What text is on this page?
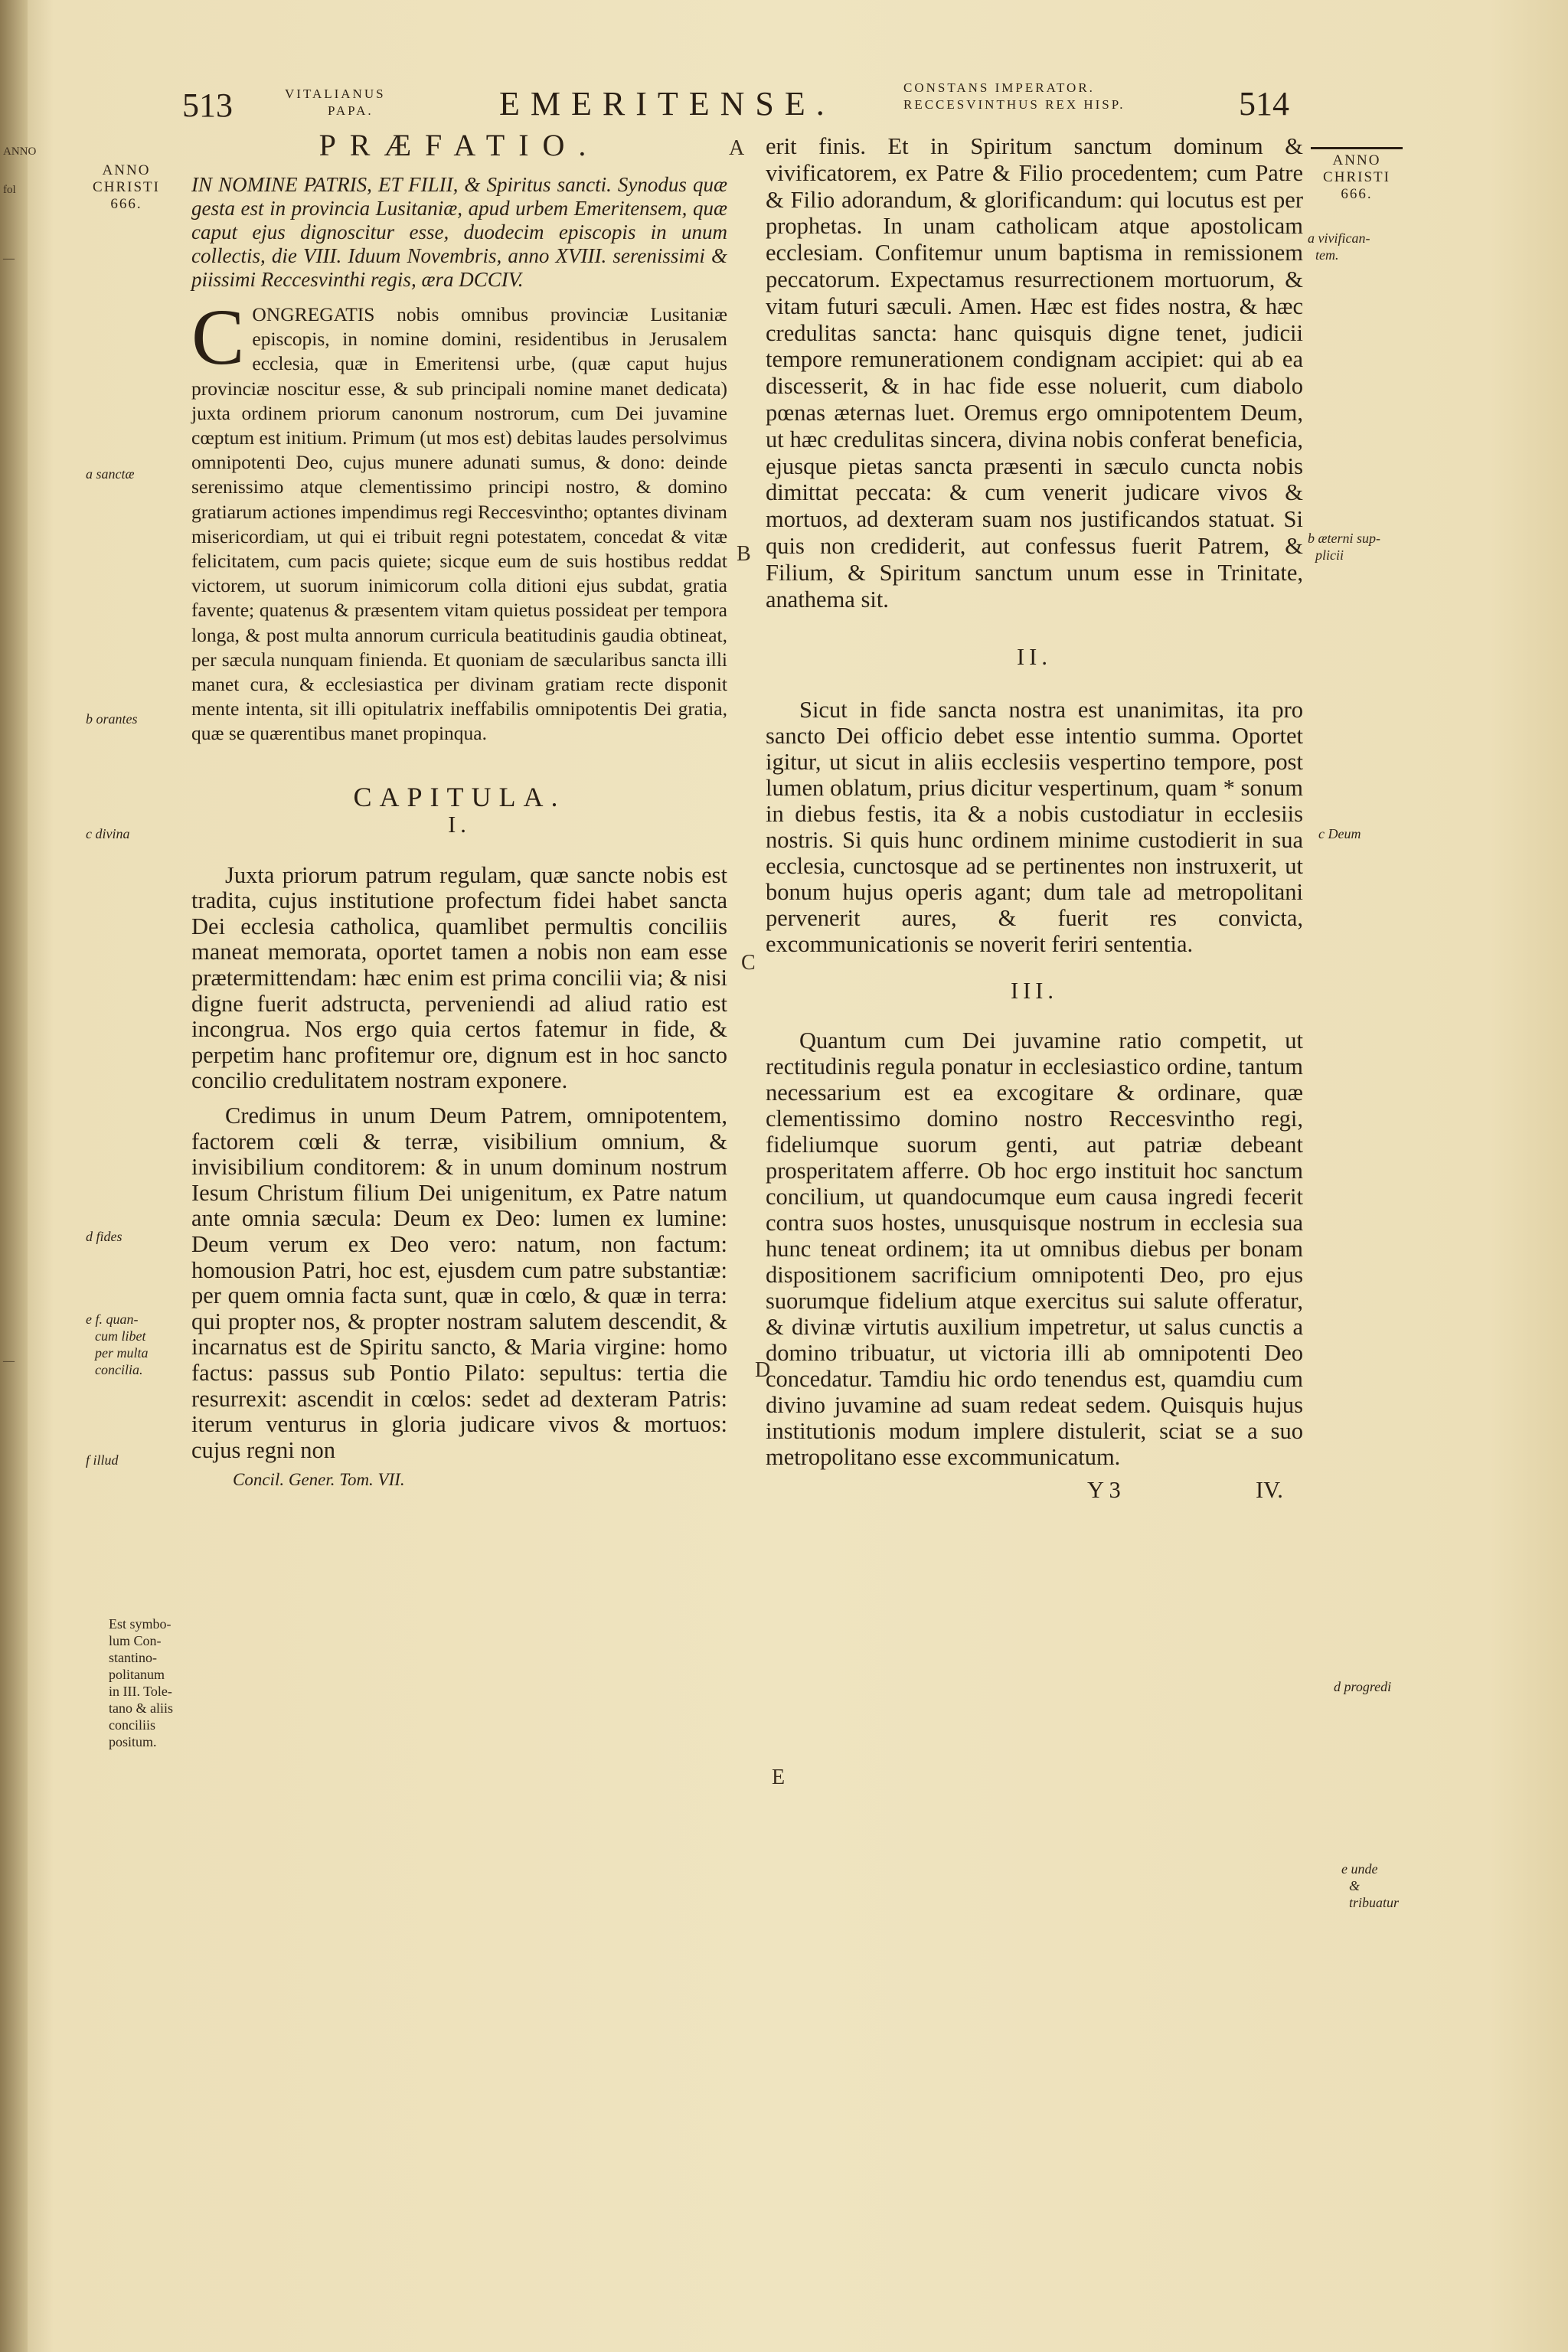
ANNO
fol
—
—
513	VITALIANUS
PAPA.	EMERITENSE.	CONSTANS IMPERATOR.
RECCESVINTHUS REX HISP.	514
ANNO
CHRISTI
666.
a sanctæ
b orantes
c divina
d fides
e f. quan-
cum libet
per multa
concilia.
f illud
Est symbo-
lum Con-
stantino-
politanum
in III. Tole-
tano & aliis
conciliis
positum.
A
B
C
D
E
PRÆFATIO.

IN NOMINE PATRIS, ET FILII, & Spiritus sancti. Synodus quæ gesta est in provincia Lusitaniæ, apud urbem Emeritensem, quæ caput ejus dignoscitur esse, duodecim episcopis in unum collectis, die VIII. Iduum Novembris, anno XVIII. serenissimi & piissimi Reccesvinthi regis, æra DCCIV.

CONGREGATIS nobis omnibus provinciæ Lusitaniæ episcopis, in nomine domini, residentibus in Jerusalem ecclesia, quæ in Emeritensi urbe, (quæ caput hujus provinciæ noscitur esse, & sub principali nomine manet dedicata) juxta ordinem priorum canonum nostrorum, cum Dei juvamine cœptum est initium. Primum (ut mos est) debitas laudes persolvimus omnipotenti Deo, cujus munere adunati sumus, & dono: deinde serenissimo atque clementissimo principi nostro, & domino gratiarum actiones impendimus regi Reccesvintho; optantes divinam misericordiam, ut qui ei tribuit regni potestatem, concedat & vitæ felicitatem, cum pacis quiete; sicque eum de suis hostibus reddat victorem, ut suorum inimicorum colla ditioni ejus subdat, gratia favente; quatenus & præsentem vitam quietus possideat per tempora longa, & post multa annorum curricula beatitudinis gaudia obtineat, per sæcula nunquam finienda. Et quoniam de sæcularibus sancta illi manet cura, & ecclesiastica per divinam gratiam recte disponit mente intenta, sit illi opitulatrix ineffabilis omnipotentis Dei gratia, quæ se quærentibus manet propinqua.

CAPITULA.
I.

Juxta priorum patrum regulam, quæ sancte nobis est tradita, cujus institutione profectum fidei habet sancta Dei ecclesia catholica, quamlibet permultis conciliis maneat memorata, oportet tamen a nobis non eam esse prætermittendam: hæc enim est prima concilii via; & nisi digne fuerit adstructa, perveniendi ad aliud ratio est incongrua. Nos ergo quia certos fatemur in fide, & perpetim hanc profitemur ore, dignum est in hoc sancto concilio credulitatem nostram exponere.

Credimus in unum Deum Patrem, omnipotentem, factorem cœli & terræ, visibilium omnium, & invisibilium conditorem: & in unum dominum nostrum Iesum Christum filium Dei unigenitum, ex Patre natum ante omnia sæcula: Deum ex Deo: lumen ex lumine: Deum verum ex Deo vero: natum, non factum: homousion Patri, hoc est, ejusdem cum patre substantiæ: per quem omnia facta sunt, quæ in cœlo, & quæ in terra: qui propter nos, & propter nostram salutem descendit, & incarnatus est de Spiritu sancto, & Maria virgine: homo factus: passus sub Pontio Pilato: sepultus: tertia die resurrexit: ascendit in cœlos: sedet ad dexteram Patris: iterum venturus in gloria judicare vivos & mortuos: cujus regni non

Concil. Gener. Tom. VII.

erit finis. Et in Spiritum sanctum dominum & vivificatorem, ex Patre & Filio procedentem; cum Patre & Filio adorandum, & glorificandum: qui locutus est per prophetas. In unam catholicam atque apostolicam ecclesiam. Confitemur unum baptisma in remissionem peccatorum. Expectamus resurrectionem mortuorum, & vitam futuri sæculi. Amen. Hæc est fides nostra, & hæc credulitas sancta: hanc quisquis digne tenet, judicii tempore remunerationem condignam accipiet: qui ab ea discesserit, & in hac fide esse noluerit, cum diabolo pœnas æternas luet. Oremus ergo omnipotentem Deum, ut hæc credulitas sincera, divina nobis conferat beneficia, ejusque pietas sancta præsenti in sæculo cuncta nobis dimittat peccata: & cum venerit judicare vivos & mortuos, ad dexteram suam nos justificandos statuat. Si quis non crediderit, aut confessus fuerit Patrem, & Filium, & Spiritum sanctum unum esse in Trinitate, anathema sit.

II.

Sicut in fide sancta nostra est unanimitas, ita pro sancto Dei officio debet esse intentio summa. Oportet igitur, ut sicut in aliis ecclesiis vespertino tempore, post lumen oblatum, prius dicitur vespertinum, quam * sonum in diebus festis, ita & a nobis custodiatur in ecclesiis nostris. Si quis hunc ordinem minime custodierit in sua ecclesia, cunctosque ad se pertinentes non instruxerit, ut bonum hujus operis agant; dum tale ad metropolitani pervenerit aures, & fuerit res convicta, excommunicationis se noverit feriri sententia.

III.

Quantum cum Dei juvamine ratio competit, ut rectitudinis regula ponatur in ecclesiastico ordine, tantum necessarium est ea excogitare & ordinare, quæ clementissimo domino nostro Reccesvintho regi, fideliumque suorum genti, aut patriæ debeant prosperitatem afferre. Ob hoc ergo instituit hoc sanctum concilium, ut quandocumque eum causa ingredi fecerit contra suos hostes, unusquisque nostrum in ecclesia sua hunc teneat ordinem; ita ut omnibus diebus per bonam dispositionem sacrificium omnipotenti Deo, pro ejus suorumque fidelium atque exercitus sui salute offeratur, & divinæ virtutis auxilium impetretur, ut salus cunctis a domino tribuatur, ut victoria illi ab omnipotenti Deo concedatur. Tamdiu hic ordo tenendus est, quamdiu cum divino juvamine ad suam redeat sedem. Quisquis hujus institutionis modum implere distulerit, sciat se a suo metropolitano esse excommunicatum.

Y 3	IV.
ANNO
CHRISTI
666.
a vivifican-
tem.
b æterni sup-
plicii
c Deum
d progredi
e unde
&
tribuatur
